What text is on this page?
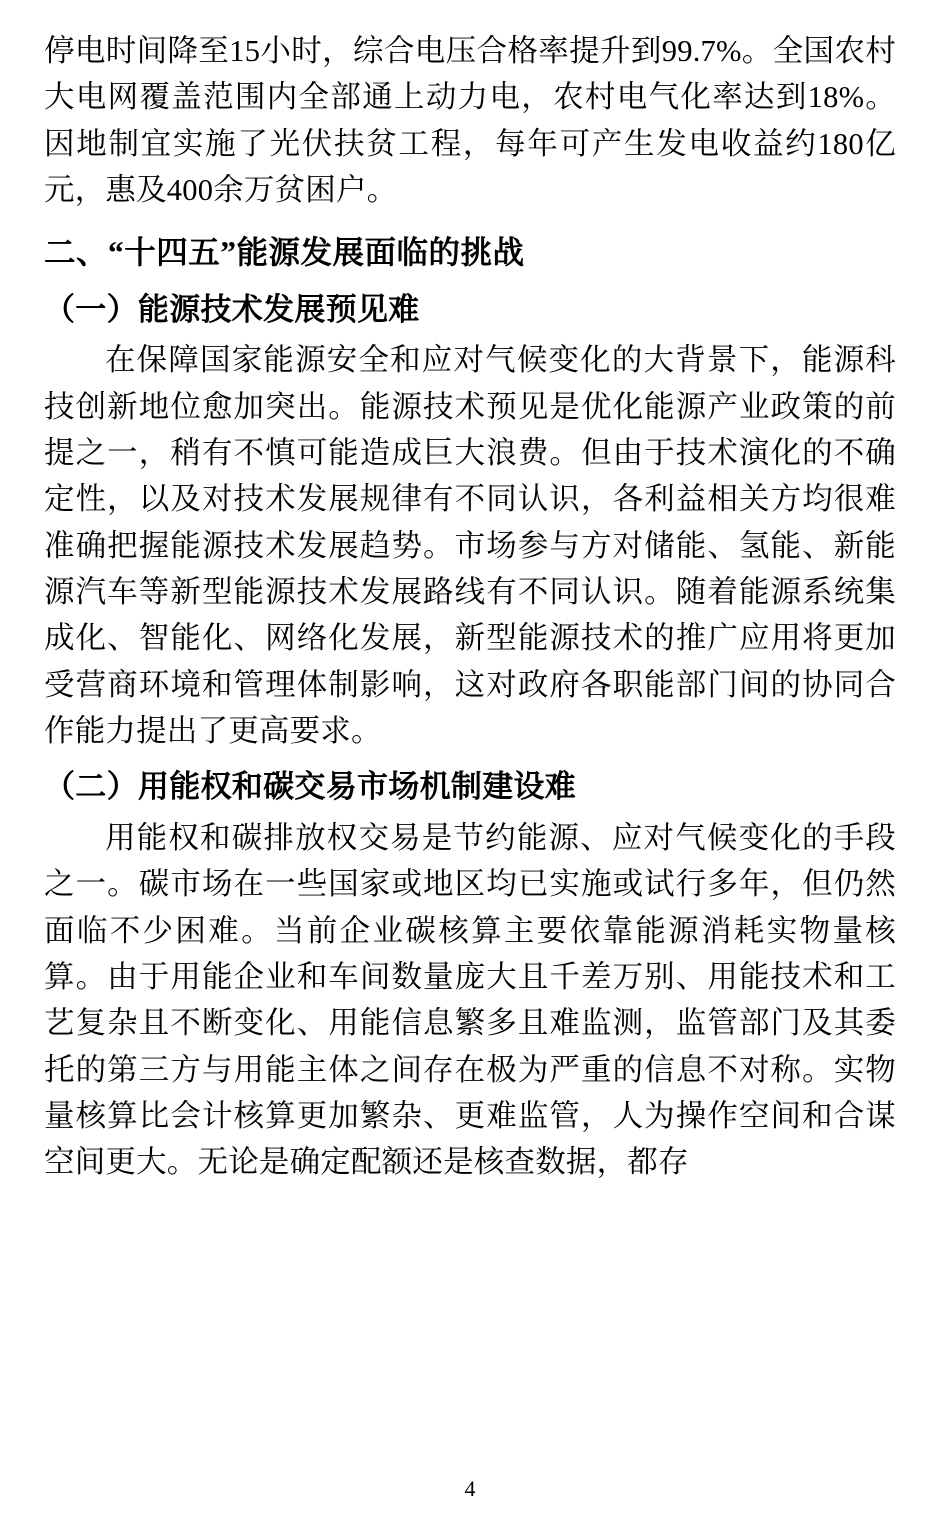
停电时间降至15小时，综合电压合格率提升到99.7%。全国农村大电网覆盖范围内全部通上动力电，农村电气化率达到18%。因地制宜实施了光伏扶贫工程，每年可产生发电收益约180亿元，惠及400余万贫困户。

二、“十四五”能源发展面临的挑战
（一）能源技术发展预见难

在保障国家能源安全和应对气候变化的大背景下，能源科技创新地位愈加突出。能源技术预见是优化能源产业政策的前提之一，稍有不慎可能造成巨大浪费。但由于技术演化的不确定性，以及对技术发展规律有不同认识，各利益相关方均很难准确把握能源技术发展趋势。市场参与方对储能、氢能、新能源汽车等新型能源技术发展路线有不同认识。随着能源系统集成化、智能化、网络化发展，新型能源技术的推广应用将更加受营商环境和管理体制影响，这对政府各职能部门间的协同合作能力提出了更高要求。

（二）用能权和碳交易市场机制建设难

用能权和碳排放权交易是节约能源、应对气候变化的手段之一。碳市场在一些国家或地区均已实施或试行多年，但仍然面临不少困难。当前企业碳核算主要依靠能源消耗实物量核算。由于用能企业和车间数量庞大且千差万别、用能技术和工艺复杂且不断变化、用能信息繁多且难监测，监管部门及其委托的第三方与用能主体之间存在极为严重的信息不对称。实物量核算比会计核算更加繁杂、更难监管，人为操作空间和合谋空间更大。无论是确定配额还是核查数据，都存

4
